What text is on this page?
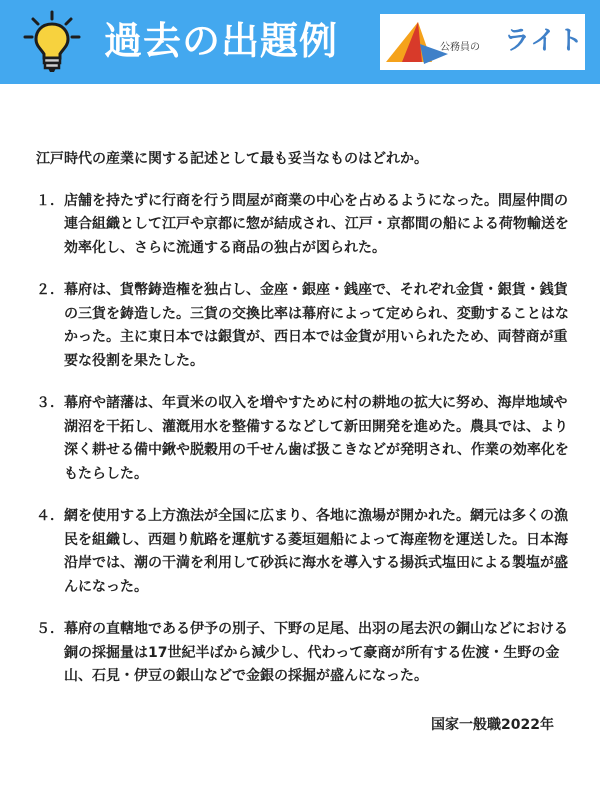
過去の出題例	公務員の ライト
江戸時代の産業に関する記述として最も妥当なものはどれか。
１． 店舗を持たずに行商を行う問屋が商業の中心を占めるようになった。問屋仲間の連合組織として江戸や京都に惣が結成され、江戸・京都間の船による荷物輸送を効率化し、さらに流通する商品の独占が図られた。
２． 幕府は、貨幣鋳造権を独占し、金座・銀座・銭座で、それぞれ金貨・銀貨・銭貨の三貨を鋳造した。三貨の交換比率は幕府によって定められ、変動することはなかった。主に東日本では銀貨が、西日本では金貨が用いられたため、両替商が重要な役割を果たした。
３． 幕府や諸藩は、年貢米の収入を増やすために村の耕地の拡大に努め、海岸地域や湖沼を干拓し、灌漑用水を整備するなどして新田開発を進めた。農具では、より深く耕せる備中鍬や脱穀用の千せん歯ば扱こきなどが発明され、作業の効率化をもたらした。
４． 網を使用する上方漁法が全国に広まり、各地に漁場が開かれた。網元は多くの漁民を組織し、西廻り航路を運航する菱垣廻船によって海産物を運送した。日本海沿岸では、潮の干満を利用して砂浜に海水を導入する揚浜式塩田による製塩が盛んになった。
５． 幕府の直轄地である伊予の別子、下野の足尾、出羽の尾去沢の銅山などにおける銅の採掘量は17世紀半ばから減少し、代わって豪商が所有する佐渡・生野の金山、石見・伊豆の銀山などで金銀の採掘が盛んになった。
国家一般職2022年
